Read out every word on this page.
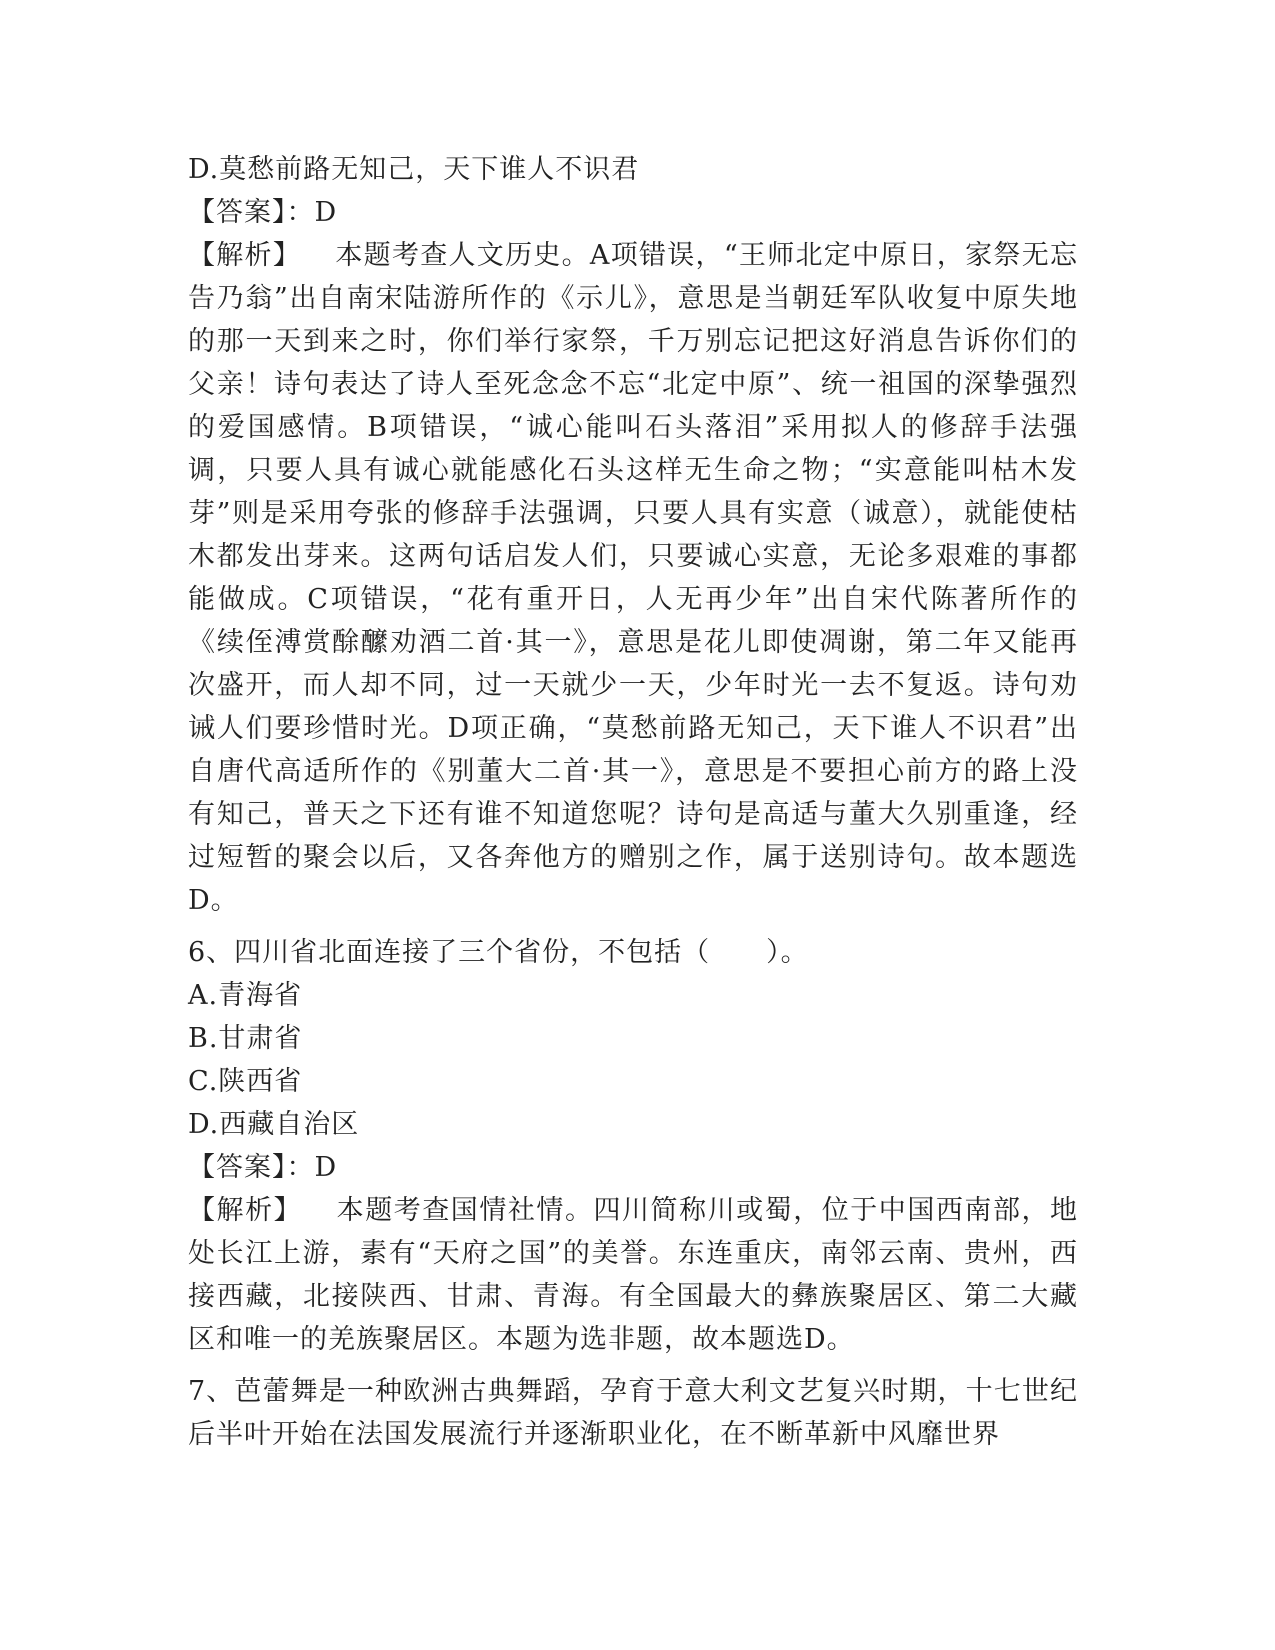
D.莫愁前路无知己，天下谁人不识君

【答案】：D

【解析】 本题考查人文历史。A项错误，“王师北定中原日，家祭无忘告乃翁”出自南宋陆游所作的《示儿》，意思是当朝廷军队收复中原失地的那一天到来之时，你们举行家祭，千万别忘记把这好消息告诉你们的父亲！诗句表达了诗人至死念念不忘“北定中原”、统一祖国的深挚强烈的爱国感情。B项错误，“诚心能叫石头落泪”采用拟人的修辞手法强调，只要人具有诚心就能感化石头这样无生命之物；“实意能叫枯木发芽”则是采用夸张的修辞手法强调，只要人具有实意（诚意），就能使枯木都发出芽来。这两句话启发人们，只要诚心实意，无论多艰难的事都能做成。C项错误，“花有重开日，人无再少年”出自宋代陈著所作的《续侄溥赏酴醿劝酒二首·其一》，意思是花儿即使凋谢，第二年又能再次盛开，而人却不同，过一天就少一天，少年时光一去不复返。诗句劝诫人们要珍惜时光。D项正确，“莫愁前路无知己，天下谁人不识君”出自唐代高适所作的《别董大二首·其一》，意思是不要担心前方的路上没有知己，普天之下还有谁不知道您呢？诗句是高适与董大久别重逢，经过短暂的聚会以后，又各奔他方的赠别之作，属于送别诗句。故本题选D。

6、四川省北面连接了三个省份，不包括（　　）。

A.青海省

B.甘肃省

C.陕西省

D.西藏自治区

【答案】：D

【解析】 本题考查国情社情。四川简称川或蜀，位于中国西南部，地处长江上游，素有“天府之国”的美誉。东连重庆，南邻云南、贵州，西接西藏，北接陕西、甘肃、青海。有全国最大的彝族聚居区、第二大藏区和唯一的羌族聚居区。本题为选非题，故本题选D。

7、芭蕾舞是一种欧洲古典舞蹈，孕育于意大利文艺复兴时期，十七世纪后半叶开始在法国发展流行并逐渐职业化，在不断革新中风靡世界
